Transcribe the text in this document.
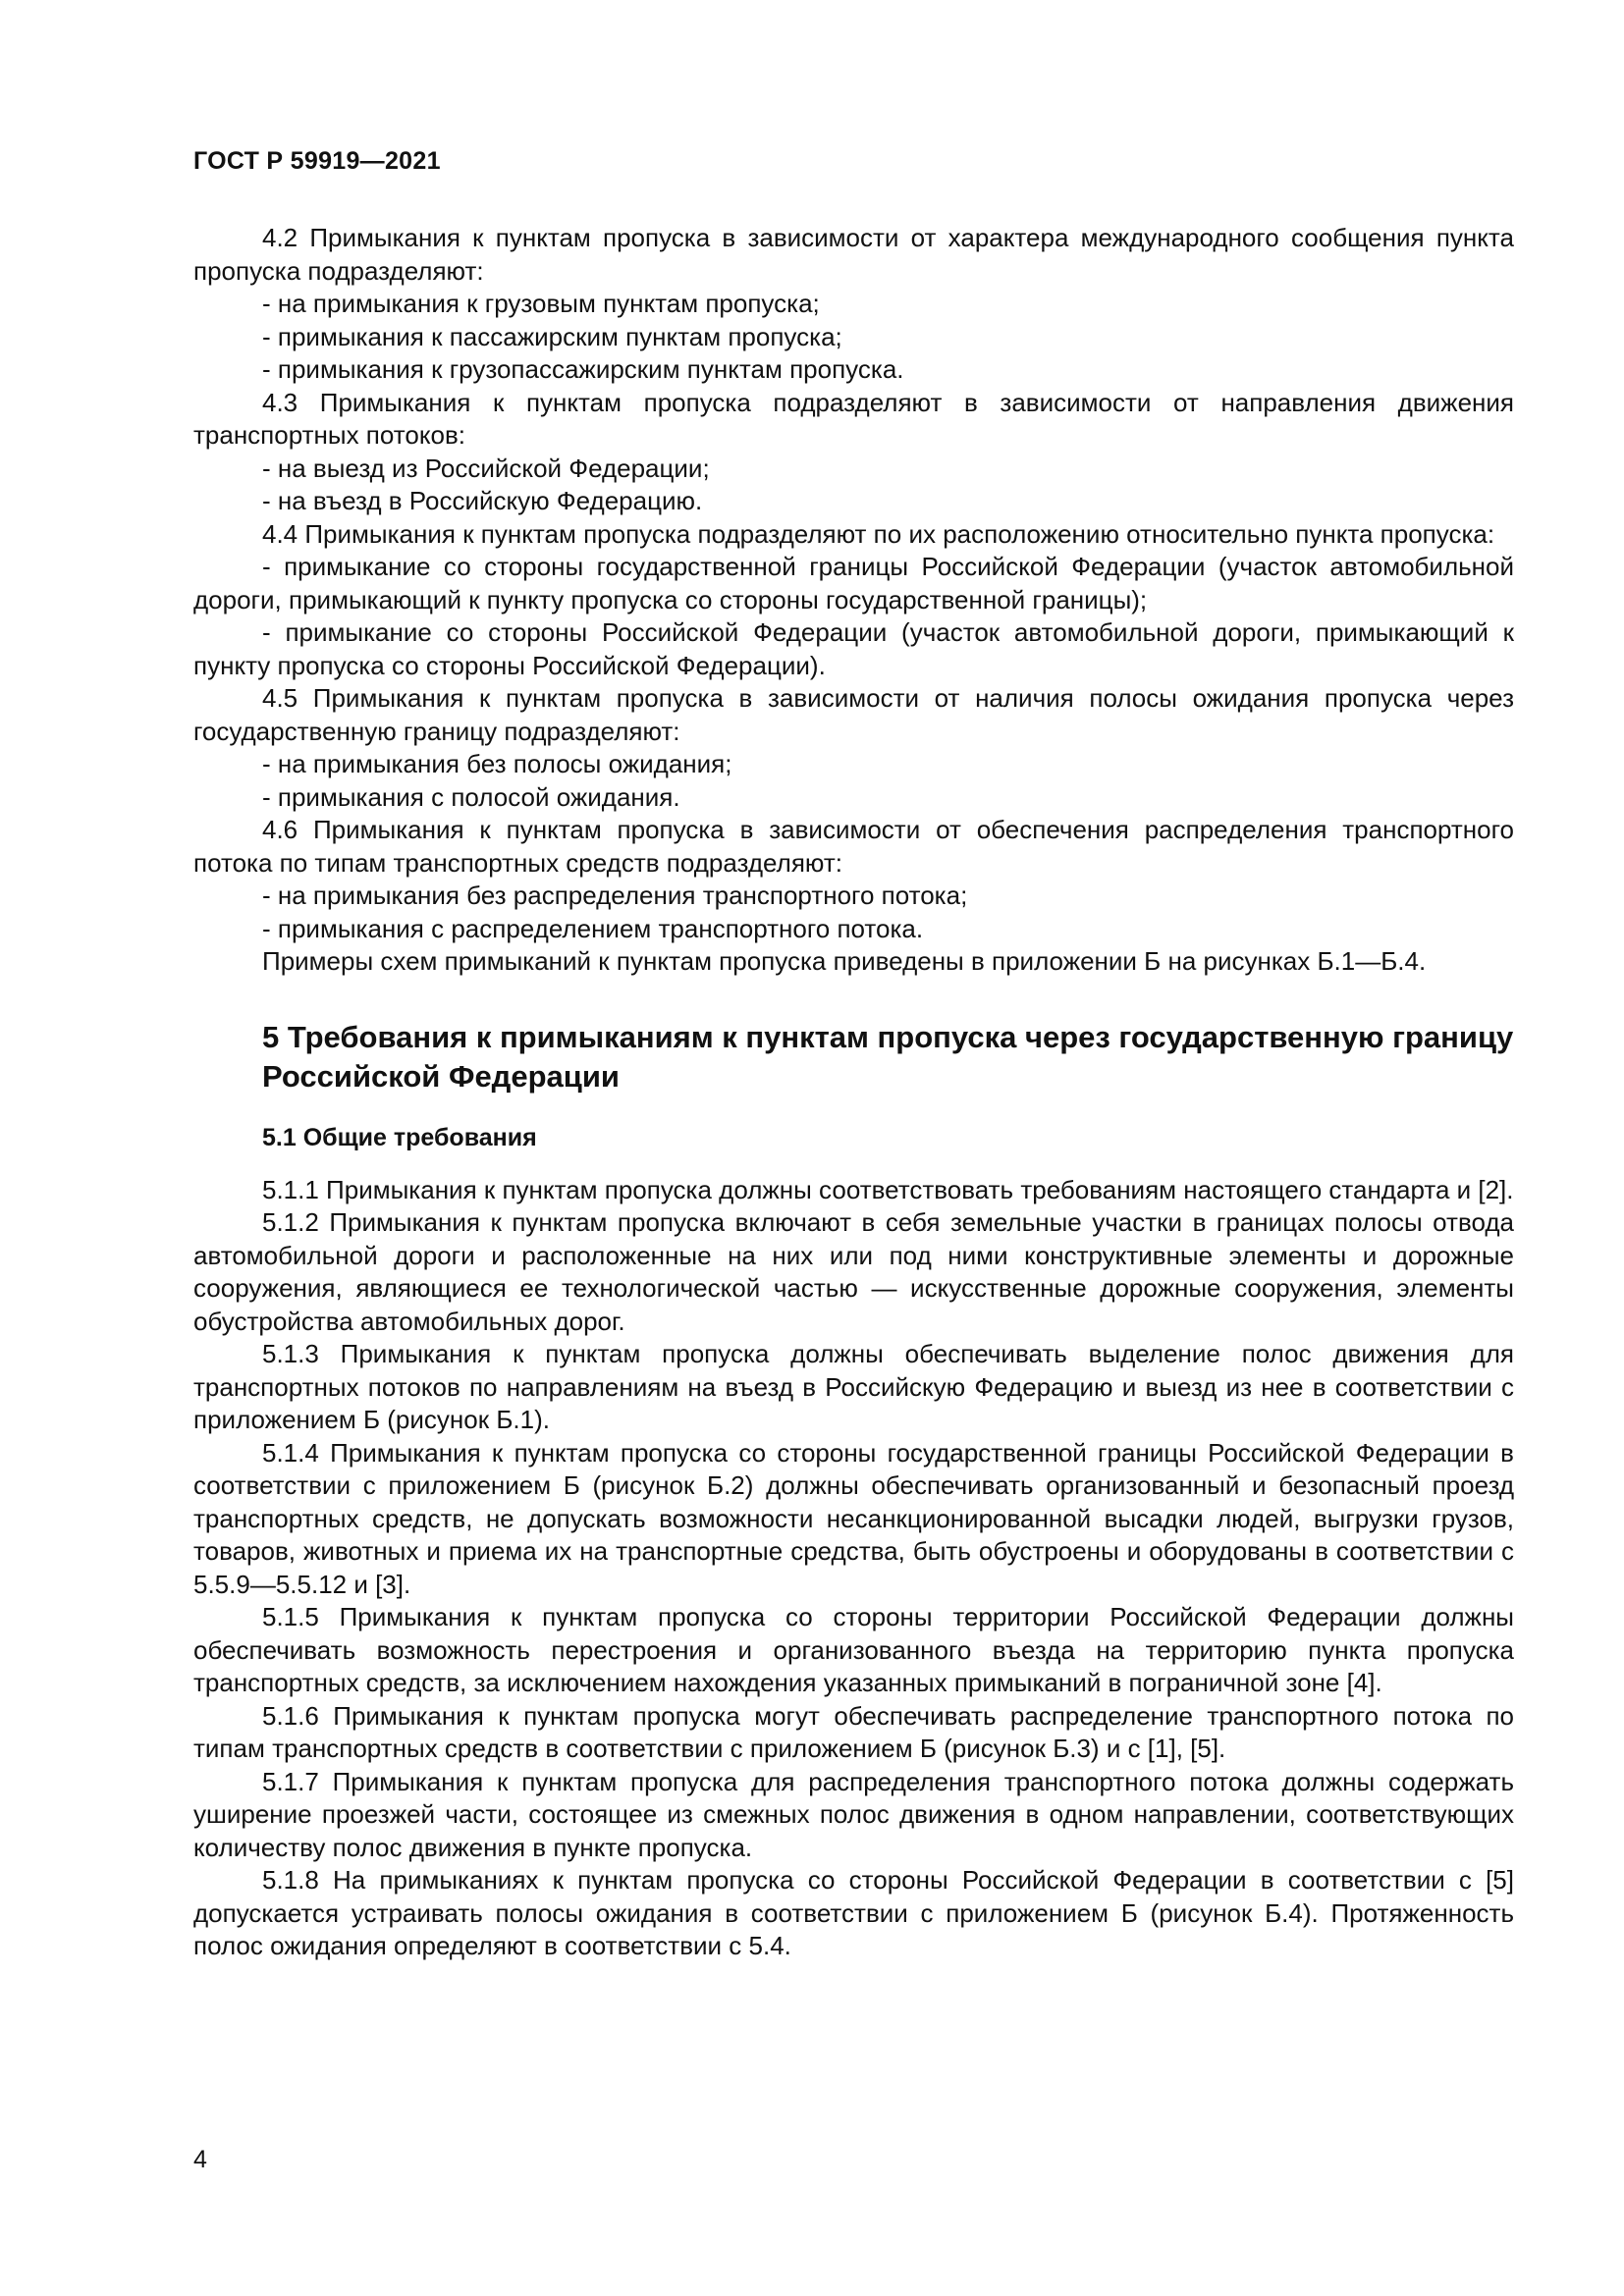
ГОСТ Р 59919—2021

4.2 Примыкания к пунктам пропуска в зависимости от характера международного сообщения пункта пропуска подразделяют:

- на примыкания к грузовым пунктам пропуска;

- примыкания к пассажирским пунктам пропуска;

- примыкания к грузопассажирским пунктам пропуска.

4.3 Примыкания к пунктам пропуска подразделяют в зависимости от направления движения транспортных потоков:

- на выезд из Российской Федерации;

- на въезд в Российскую Федерацию.

4.4 Примыкания к пунктам пропуска подразделяют по их расположению относительно пункта пропуска:

- примыкание со стороны государственной границы Российской Федерации (участок автомобильной дороги, примыкающий к пункту пропуска со стороны государственной границы);

- примыкание со стороны Российской Федерации (участок автомобильной дороги, примыкающий к пункту пропуска со стороны Российской Федерации).

4.5 Примыкания к пунктам пропуска в зависимости от наличия полосы ожидания пропуска через государственную границу подразделяют:

- на примыкания без полосы ожидания;

- примыкания с полосой ожидания.

4.6 Примыкания к пунктам пропуска в зависимости от обеспечения распределения транспортного потока по типам транспортных средств подразделяют:

- на примыкания без распределения транспортного потока;

- примыкания с распределением транспортного потока.

Примеры схем примыканий к пунктам пропуска приведены в приложении Б на рисунках Б.1—Б.4.

5 Требования к примыканиям к пунктам пропуска через государственную границу Российской Федерации
5.1 Общие требования

5.1.1 Примыкания к пунктам пропуска должны соответствовать требованиям настоящего стандарта и [2].

5.1.2 Примыкания к пунктам пропуска включают в себя земельные участки в границах полосы отвода автомобильной дороги и расположенные на них или под ними конструктивные элементы и дорожные сооружения, являющиеся ее технологической частью — искусственные дорожные сооружения, элементы обустройства автомобильных дорог.

5.1.3 Примыкания к пунктам пропуска должны обеспечивать выделение полос движения для транспортных потоков по направлениям на въезд в Российскую Федерацию и выезд из нее в соответствии с приложением Б (рисунок Б.1).

5.1.4 Примыкания к пунктам пропуска со стороны государственной границы Российской Федерации в соответствии с приложением Б (рисунок Б.2) должны обеспечивать организованный и безопасный проезд транспортных средств, не допускать возможности несанкционированной высадки людей, выгрузки грузов, товаров, животных и приема их на транспортные средства, быть обустроены и оборудованы в соответствии с 5.5.9—5.5.12 и [3].

5.1.5 Примыкания к пунктам пропуска со стороны территории Российской Федерации должны обеспечивать возможность перестроения и организованного въезда на территорию пункта пропуска транспортных средств, за исключением нахождения указанных примыканий в пограничной зоне [4].

5.1.6 Примыкания к пунктам пропуска могут обеспечивать распределение транспортного потока по типам транспортных средств в соответствии с приложением Б (рисунок Б.3) и с [1], [5].

5.1.7 Примыкания к пунктам пропуска для распределения транспортного потока должны содержать уширение проезжей части, состоящее из смежных полос движения в одном направлении, соответствующих количеству полос движения в пункте пропуска.

5.1.8 На примыканиях к пунктам пропуска со стороны Российской Федерации в соответствии с [5] допускается устраивать полосы ожидания в соответствии с приложением Б (рисунок Б.4). Протяженность полос ожидания определяют в соответствии с 5.4.

4
